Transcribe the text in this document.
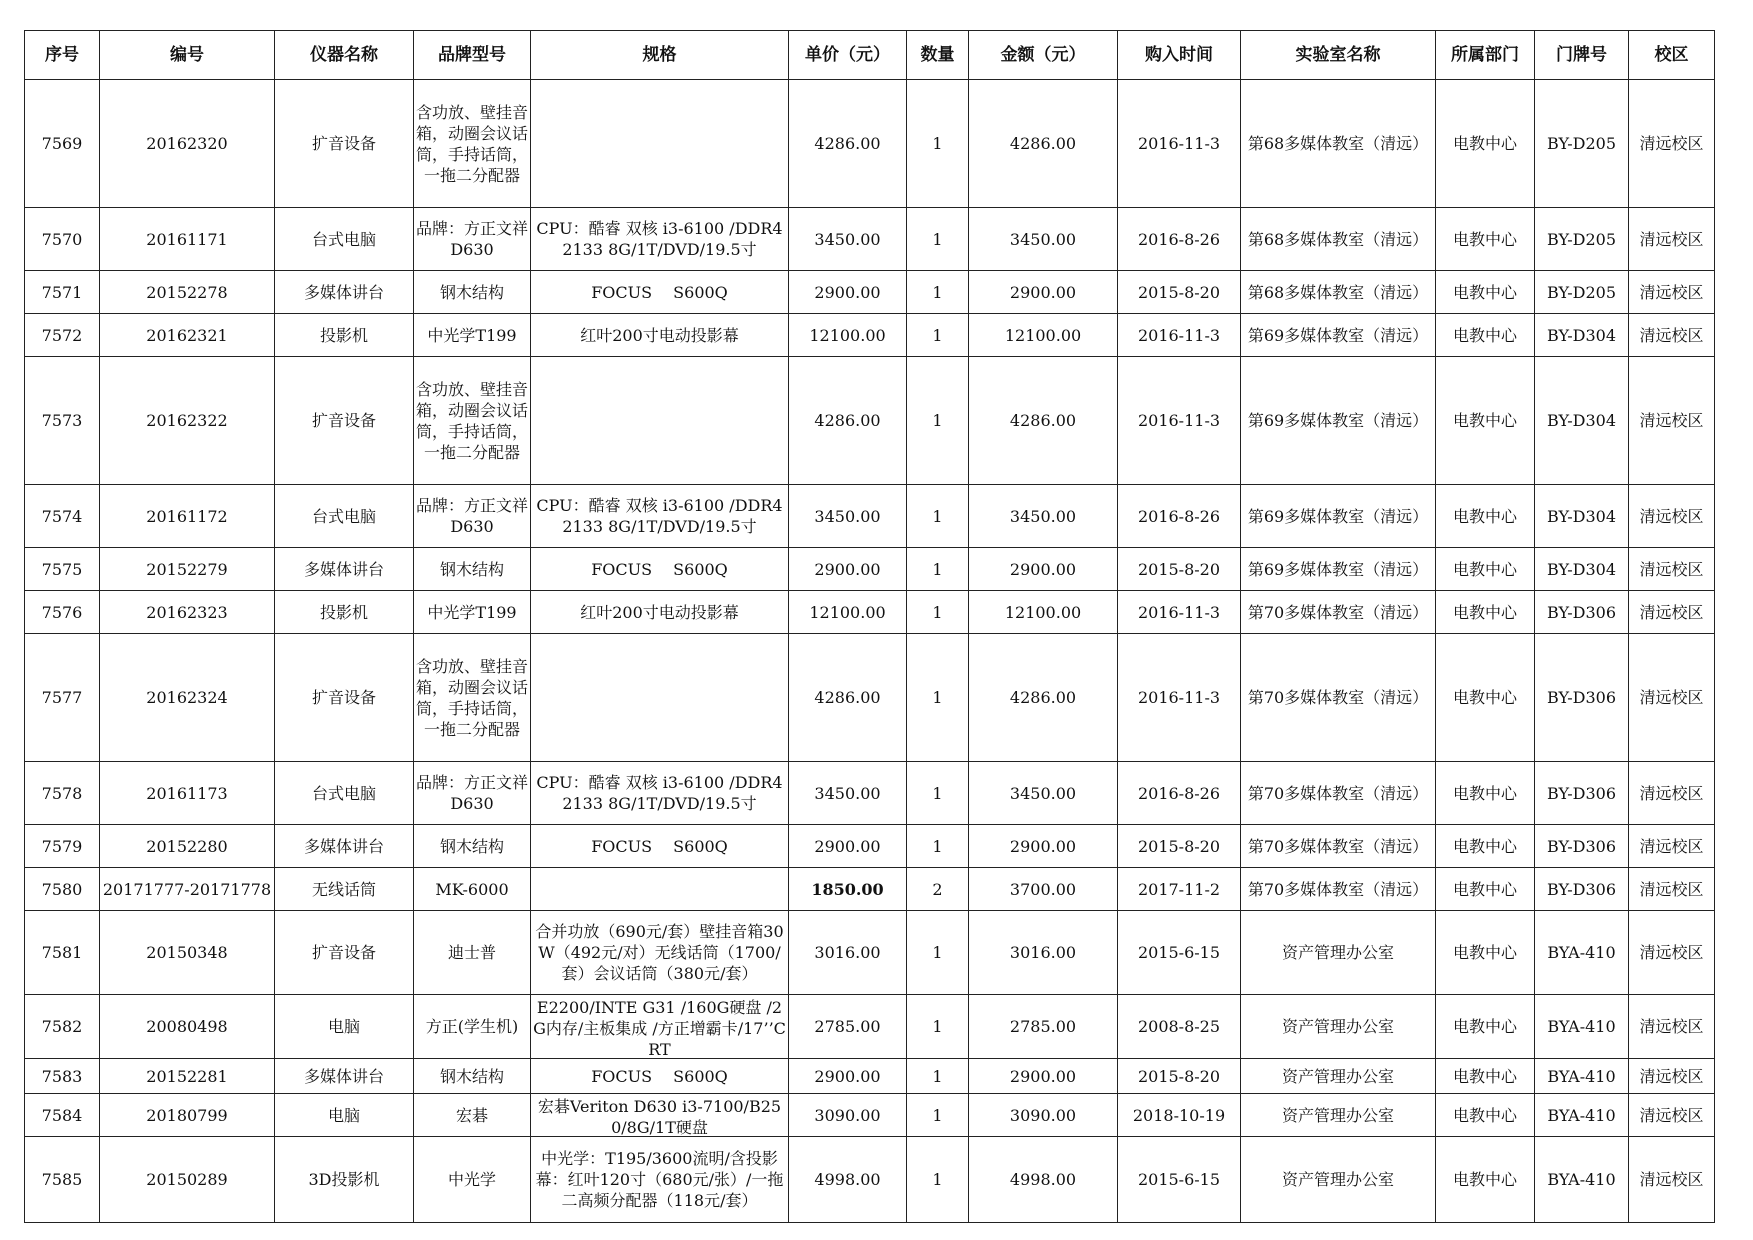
序号	编号	仪器名称	品牌型号	规格	单价（元）	数量	金额（元）	购入时间	实验室名称	所属部门	门牌号	校区

7569	20162320	扩音设备	含功放、壁挂音箱，动圈会议话筒，手持话筒，一拖二分配器		4286.00	1	4286.00	2016-11-3	第68多媒体教室（清远）	电教中心	BY-D205	清远校区

7570	20161171	台式电脑	品牌：方正文祥D630	CPU：酷睿 双核 i3-6100 /DDR4 2133 8G/1T/DVD/19.5寸	3450.00	1	3450.00	2016-8-26	第68多媒体教室（清远）	电教中心	BY-D205	清远校区

7571	20152278	多媒体讲台	钢木结构	FOCUS　 S600Q	2900.00	1	2900.00	2015-8-20	第68多媒体教室（清远）	电教中心	BY-D205	清远校区

7572	20162321	投影机	中光学T199	红叶200寸电动投影幕	12100.00	1	12100.00	2016-11-3	第69多媒体教室（清远）	电教中心	BY-D304	清远校区

7573	20162322	扩音设备	含功放、壁挂音箱，动圈会议话筒，手持话筒，一拖二分配器		4286.00	1	4286.00	2016-11-3	第69多媒体教室（清远）	电教中心	BY-D304	清远校区

7574	20161172	台式电脑	品牌：方正文祥D630	CPU：酷睿 双核 i3-6100 /DDR4 2133 8G/1T/DVD/19.5寸	3450.00	1	3450.00	2016-8-26	第69多媒体教室（清远）	电教中心	BY-D304	清远校区

7575	20152279	多媒体讲台	钢木结构	FOCUS　 S600Q	2900.00	1	2900.00	2015-8-20	第69多媒体教室（清远）	电教中心	BY-D304	清远校区

7576	20162323	投影机	中光学T199	红叶200寸电动投影幕	12100.00	1	12100.00	2016-11-3	第70多媒体教室（清远）	电教中心	BY-D306	清远校区

7577	20162324	扩音设备	含功放、壁挂音箱，动圈会议话筒，手持话筒，一拖二分配器		4286.00	1	4286.00	2016-11-3	第70多媒体教室（清远）	电教中心	BY-D306	清远校区

7578	20161173	台式电脑	品牌：方正文祥D630	CPU：酷睿 双核 i3-6100 /DDR4 2133 8G/1T/DVD/19.5寸	3450.00	1	3450.00	2016-8-26	第70多媒体教室（清远）	电教中心	BY-D306	清远校区

7579	20152280	多媒体讲台	钢木结构	FOCUS　 S600Q	2900.00	1	2900.00	2015-8-20	第70多媒体教室（清远）	电教中心	BY-D306	清远校区

7580	20171777-20171778	无线话筒	MK-6000		1850.00	2	3700.00	2017-11-2	第70多媒体教室（清远）	电教中心	BY-D306	清远校区

7581	20150348	扩音设备	迪士普	合并功放（690元/套）壁挂音箱30W（492元/对）无线话筒（1700/套）会议话筒（380元/套）	3016.00	1	3016.00	2015-6-15	资产管理办公室	电教中心	BYA-410	清远校区

7582	20080498	电脑	方正(学生机)	E2200/INTE G31 /160G硬盘 /2G内存/主板集成 /方正增霸卡/17’’CRT	2785.00	1	2785.00	2008-8-25	资产管理办公室	电教中心	BYA-410	清远校区

7583	20152281	多媒体讲台	钢木结构	FOCUS　 S600Q	2900.00	1	2900.00	2015-8-20	资产管理办公室	电教中心	BYA-410	清远校区

7584	20180799	电脑	宏碁	宏碁Veriton D630 i3-7100/B250/8G/1T硬盘	3090.00	1	3090.00	2018-10-19	资产管理办公室	电教中心	BYA-410	清远校区

7585	20150289	3D投影机	中光学	中光学：T195/3600流明/含投影幕：红叶120寸（680元/张）/一拖二高频分配器（118元/套）	4998.00	1	4998.00	2015-6-15	资产管理办公室	电教中心	BYA-410	清远校区
